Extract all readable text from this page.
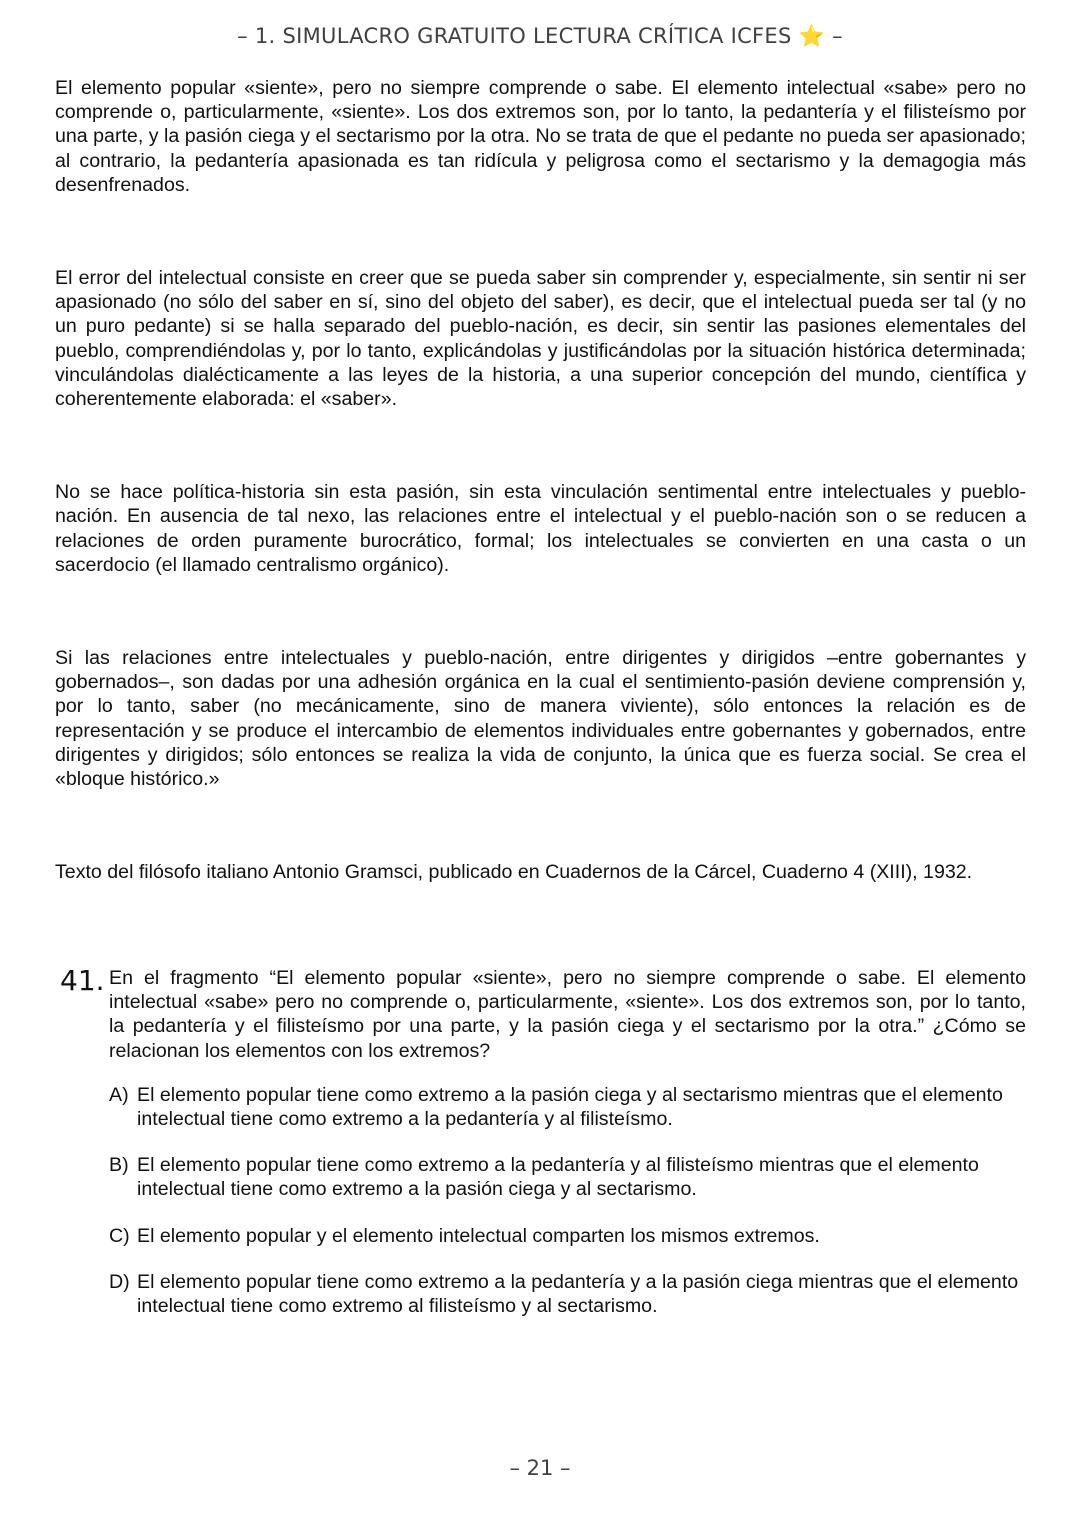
– 1. SIMULACRO GRATUITO LECTURA CRÍTICA ICFES ⭐ –

El elemento popular «siente», pero no siempre comprende o sabe. El elemento intelectual «sabe» pero no comprende o, particularmente, «siente». Los dos extremos son, por lo tanto, la pedantería y el filisteísmo por una parte, y la pasión ciega y el sectarismo por la otra. No se trata de que el pedante no pueda ser apasionado; al contrario, la pedantería apasionada es tan ridícula y peligrosa como el sectarismo y la demagogia más desenfrenados.

El error del intelectual consiste en creer que se pueda saber sin comprender y, especialmente, sin sentir ni ser apasionado (no sólo del saber en sí, sino del objeto del saber), es decir, que el intelectual pueda ser tal (y no un puro pedante) si se halla separado del pueblo-nación, es decir, sin sentir las pasiones elementales del pueblo, comprendiéndolas y, por lo tanto, explicándolas y justificándolas por la situación histórica determinada; vinculándolas dialécticamente a las leyes de la historia, a una superior concepción del mundo, científica y coherentemente elaborada: el «saber».

No se hace política-historia sin esta pasión, sin esta vinculación sentimental entre intelectuales y pueblo-nación. En ausencia de tal nexo, las relaciones entre el intelectual y el pueblo-nación son o se reducen a relaciones de orden puramente burocrático, formal; los intelectuales se convierten en una casta o un sacerdocio (el llamado centralismo orgánico).

Si las relaciones entre intelectuales y pueblo-nación, entre dirigentes y dirigidos –entre gobernantes y gobernados–, son dadas por una adhesión orgánica en la cual el sentimiento-pasión deviene comprensión y, por lo tanto, saber (no mecánicamente, sino de manera viviente), sólo entonces la relación es de representación y se produce el intercambio de elementos individuales entre gobernantes y gobernados, entre dirigentes y dirigidos; sólo entonces se realiza la vida de conjunto, la única que es fuerza social. Se crea el «bloque histórico.»

Texto del filósofo italiano Antonio Gramsci, publicado en Cuadernos de la Cárcel, Cuaderno 4 (XIII), 1932.

41. En el fragmento “El elemento popular «siente», pero no siempre comprende o sabe. El elemento intelectual «sabe» pero no comprende o, particularmente, «siente». Los dos extremos son, por lo tanto, la pedantería y el filisteísmo por una parte, y la pasión ciega y el sectarismo por la otra.” ¿Cómo se relacionan los elementos con los extremos?
A) El elemento popular tiene como extremo a la pasión ciega y al sectarismo mientras que el elemento intelectual tiene como extremo a la pedantería y al filisteísmo.
B) El elemento popular tiene como extremo a la pedantería y al filisteísmo mientras que el elemento intelectual tiene como extremo a la pasión ciega y al sectarismo.
C) El elemento popular y el elemento intelectual comparten los mismos extremos.
D) El elemento popular tiene como extremo a la pedantería y a la pasión ciega mientras que el elemento intelectual tiene como extremo al filisteísmo y al sectarismo.
– 21 –
